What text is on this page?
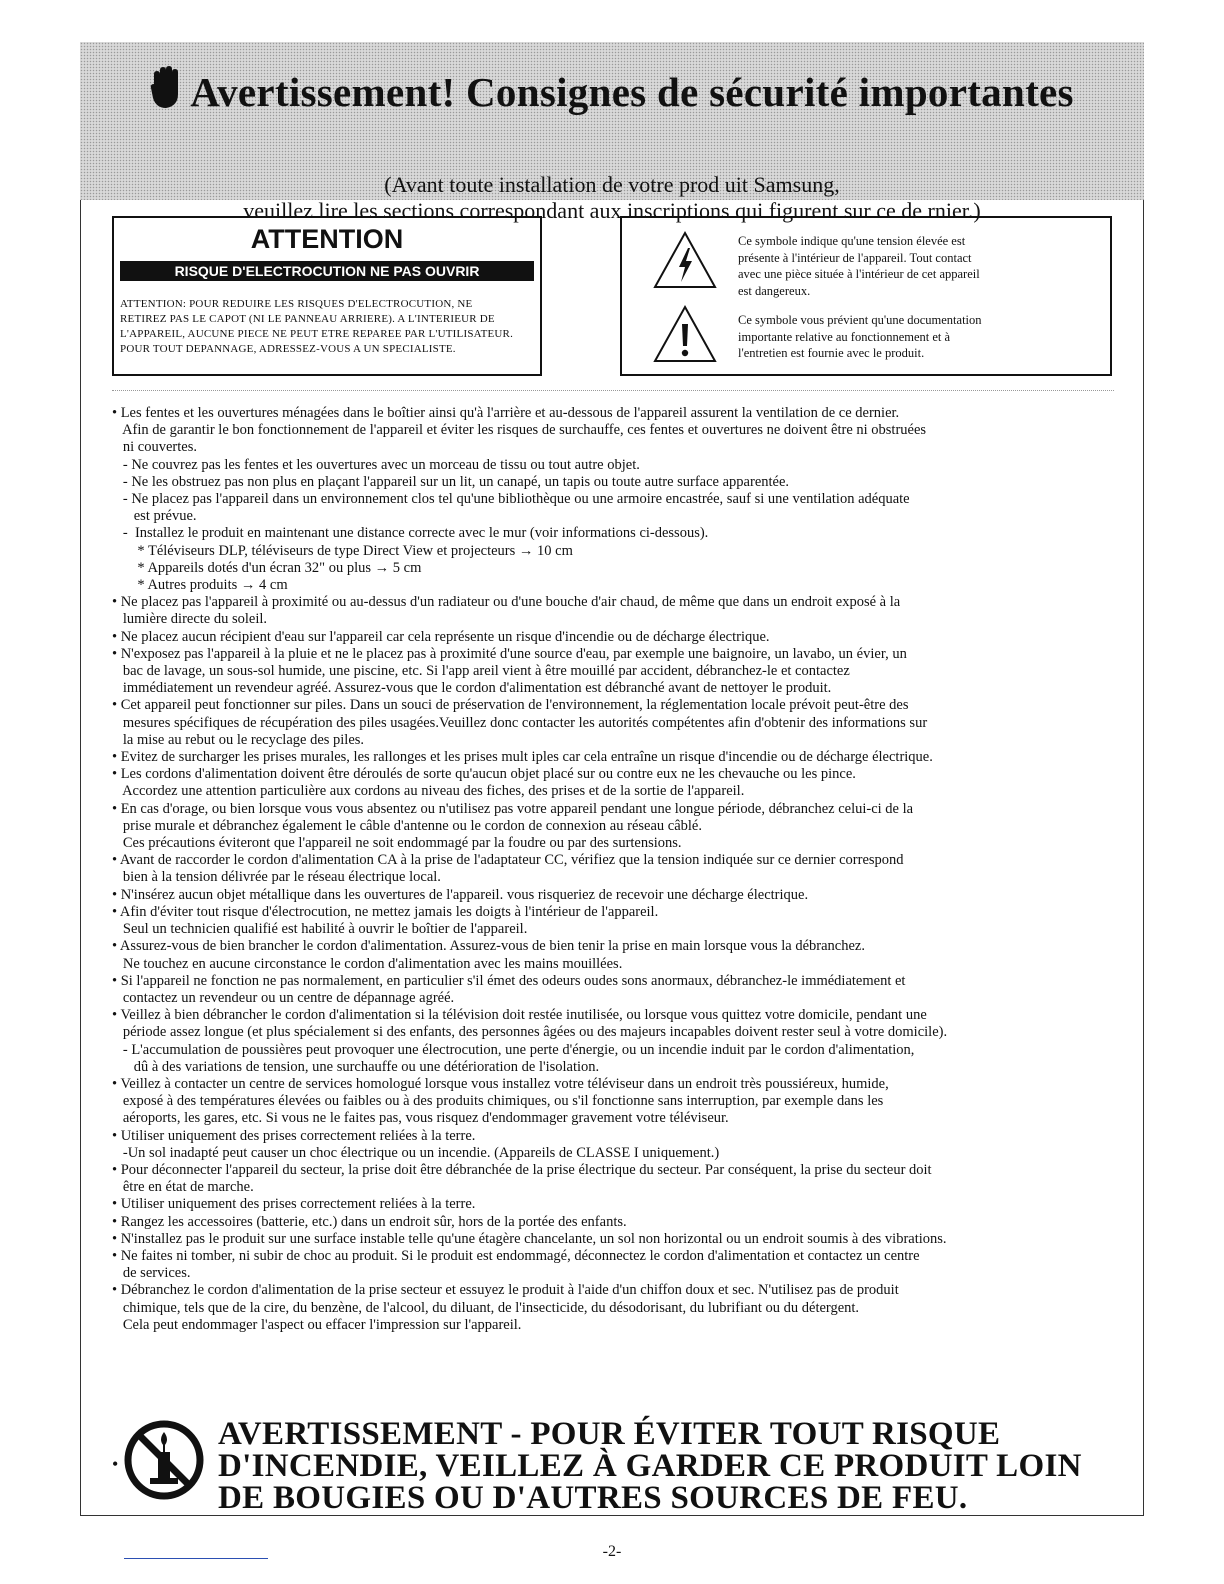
Avertissement! Consignes de sécurité importantes
(Avant toute installation de votre prod uit Samsung,
veuillez lire les sections correspondant aux inscriptions qui figurent sur ce de rnier.)
ATTENTION
RISQUE D'ELECTROCUTION NE PAS OUVRIR
ATTENTION: POUR REDUIRE LES RISQUES D'ELECTROCUTION, NE
RETIREZ PAS LE CAPOT (NI LE PANNEAU ARRIERE). A L'INTERIEUR DE
L'APPAREIL, AUCUNE PIECE NE PEUT ETRE REPAREE PAR L'UTILISATEUR.
POUR TOUT DEPANNAGE, ADRESSEZ-VOUS A UN SPECIALISTE.
Ce symbole indique qu'une tension élevée est
présente à l'intérieur de l'appareil. Tout contact
avec une pièce située à l'intérieur de cet appareil
est dangereux.
Ce symbole vous prévient qu'une documentation
importante relative au fonctionnement et à
l'entretien est fournie avec le produit.
• Les fentes et les ouvertures ménagées dans le boîtier ainsi qu'à l'arrière et au-dessous de l'appareil assurent la ventilation de ce dernier.
Afin de garantir le bon fonctionnement de l'appareil et éviter les risques de surchauffe, ces fentes et ouvertures ne doivent être ni obstruées
ni couvertes.
- Ne couvrez pas les fentes et les ouvertures avec un morceau de tissu ou tout autre objet.
- Ne les obstruez pas non plus en plaçant l'appareil sur un lit, un canapé, un tapis ou toute autre surface apparentée.
- Ne placez pas l'appareil dans un environnement clos tel qu'une bibliothèque ou une armoire encastrée, sauf si une ventilation adéquate
est prévue.
-  Installez le produit en maintenant une distance correcte avec le mur (voir informations ci-dessous).
* Téléviseurs DLP, téléviseurs de type Direct View et projecteurs → 10 cm
* Appareils dotés d'un écran 32" ou plus → 5 cm
* Autres produits → 4 cm
• Ne placez pas l'appareil à proximité ou au-dessus d'un radiateur ou d'une bouche d'air chaud, de même que dans un endroit exposé à la
lumière directe du soleil.
• Ne placez aucun récipient d'eau sur l'appareil car cela représente un risque d'incendie ou de décharge électrique.
• N'exposez pas l'appareil à la pluie et ne le placez pas à proximité d'une source d'eau, par exemple une baignoire, un lavabo, un évier, un
bac de lavage, un sous-sol humide, une piscine, etc. Si l'app areil vient à être mouillé par accident, débranchez-le et contactez
immédiatement un revendeur agréé. Assurez-vous que le cordon d'alimentation est débranché avant de nettoyer le produit.
• Cet appareil peut fonctionner sur piles. Dans un souci de préservation de l'environnement, la réglementation locale prévoit peut-être des
mesures spécifiques de récupération des piles usagées.Veuillez donc contacter les autorités compétentes afin d'obtenir des informations sur
la mise au rebut ou le recyclage des piles.
• Evitez de surcharger les prises murales, les rallonges et les prises mult iples car cela entraîne un risque d'incendie ou de décharge électrique.
• Les cordons d'alimentation doivent être déroulés de sorte qu'aucun objet placé sur ou contre eux ne les chevauche ou les pince.
Accordez une attention particulière aux cordons au niveau des fiches, des prises et de la sortie de l'appareil.
• En cas d'orage, ou bien lorsque vous vous absentez ou n'utilisez pas votre appareil pendant une longue période, débranchez celui-ci de la
prise murale et débranchez également le câble d'antenne ou le cordon de connexion au réseau câblé.
Ces précautions éviteront que l'appareil ne soit endommagé par la foudre ou par des surtensions.
• Avant de raccorder le cordon d'alimentation CA à la prise de l'adaptateur CC, vérifiez que la tension indiquée sur ce dernier correspond
bien à la tension délivrée par le réseau électrique local.
• N'insérez aucun objet métallique dans les ouvertures de l'appareil. vous risqueriez de recevoir une décharge électrique.
• Afin d'éviter tout risque d'électrocution, ne mettez jamais les doigts à l'intérieur de l'appareil.
Seul un technicien qualifié est habilité à ouvrir le boîtier de l'appareil.
• Assurez-vous de bien brancher le cordon d'alimentation. Assurez-vous de bien tenir la prise en main lorsque vous la débranchez.
Ne touchez en aucune circonstance le cordon d'alimentation avec les mains mouillées.
• Si l'appareil ne fonction ne pas normalement, en particulier s'il émet des odeurs oudes sons anormaux, débranchez-le immédiatement et
contactez un revendeur ou un centre de dépannage agréé.
• Veillez à bien débrancher le cordon d'alimentation si la télévision doit restée inutilisée, ou lorsque vous quittez votre domicile, pendant une
période assez longue (et plus spécialement si des enfants, des personnes âgées ou des majeurs incapables doivent rester seul à votre domicile).
- L'accumulation de poussières peut provoquer une électrocution, une perte d'énergie, ou un incendie induit par le cordon d'alimentation,
dû à des variations de tension, une surchauffe ou une détérioration de l'isolation.
• Veillez à contacter un centre de services homologué lorsque vous installez votre téléviseur dans un endroit très poussiéreux, humide,
exposé à des températures élevées ou faibles ou à des produits chimiques, ou s'il fonctionne sans interruption, par exemple dans les
aéroports, les gares, etc. Si vous ne le faites pas, vous risquez d'endommager gravement votre téléviseur.
• Utiliser uniquement des prises correctement reliées à la terre.
-Un sol inadapté peut causer un choc électrique ou un incendie. (Appareils de CLASSE I uniquement.)
• Pour déconnecter l'appareil du secteur, la prise doit être débranchée de la prise électrique du secteur. Par conséquent, la prise du secteur doit
être en état de marche.
• Utiliser uniquement des prises correctement reliées à la terre.
• Rangez les accessoires (batterie, etc.) dans un endroit sûr, hors de la portée des enfants.
• N'installez pas le produit sur une surface instable telle qu'une étagère chancelante, un sol non horizontal ou un endroit soumis à des vibrations.
• Ne faites ni tomber, ni subir de choc au produit. Si le produit est endommagé, déconnectez le cordon d'alimentation et contactez un centre
de services.
• Débranchez le cordon d'alimentation de la prise secteur et essuyez le produit à l'aide d'un chiffon doux et sec. N'utilisez pas de produit
chimique, tels que de la cire, du benzène, de l'alcool, du diluant, de l'insecticide, du désodorisant, du lubrifiant ou du détergent.
Cela peut endommager l'aspect ou effacer l'impression sur l'appareil.
•
AVERTISSEMENT - POUR ÉVITER TOUT RISQUE
D'INCENDIE, VEILLEZ À GARDER CE PRODUIT LOIN
DE BOUGIES OU D'AUTRES SOURCES DE FEU.
-2-
